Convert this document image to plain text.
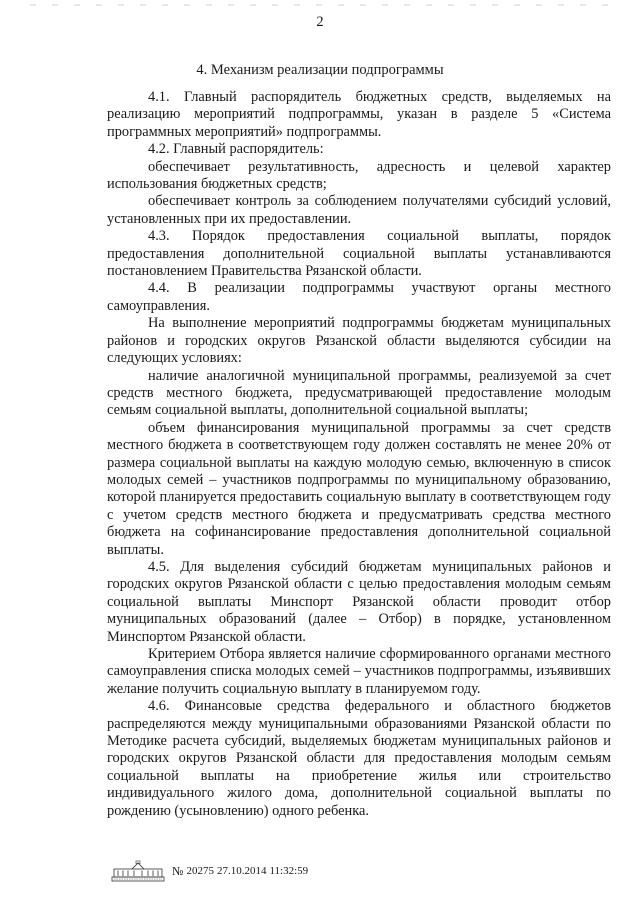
2
4. Механизм реализации подпрограммы

4.1. Главный распорядитель бюджетных средств, выделяемых на реализацию мероприятий подпрограммы, указан в разделе 5 «Система программных мероприятий» подпрограммы.

4.2. Главный распорядитель:

обеспечивает результативность, адресность и целевой характер использования бюджетных средств;

обеспечивает контроль за соблюдением получателями субсидий условий, установленных при их предоставлении.

4.3. Порядок предоставления социальной выплаты, порядок предоставления дополнительной социальной выплаты устанавливаются постановлением Правительства Рязанской области.

4.4. В реализации подпрограммы участвуют органы местного самоуправления.

На выполнение мероприятий подпрограммы бюджетам муниципальных районов и городских округов Рязанской области выделяются субсидии на следующих условиях:

наличие аналогичной муниципальной программы, реализуемой за счет средств местного бюджета, предусматривающей предоставление молодым семьям социальной выплаты, дополнительной социальной выплаты;

объем финансирования муниципальной программы за счет средств местного бюджета в соответствующем году должен составлять не менее 20% от размера социальной выплаты на каждую молодую семью, включенную в список молодых семей – участников подпрограммы по муниципальному образованию, которой планируется предоставить социальную выплату в соответствующем году с учетом средств местного бюджета и предусматривать средства местного бюджета на софинансирование предоставления дополнительной социальной выплаты.

4.5. Для выделения субсидий бюджетам муниципальных районов и городских округов Рязанской области с целью предоставления молодым семьям социальной выплаты Минспорт Рязанской области проводит отбор муниципальных образований (далее – Отбор) в порядке, установленном Минспортом Рязанской области.

Критерием Отбора является наличие сформированного органами местного самоуправления списка молодых семей – участников подпрограммы, изъявивших желание получить социальную выплату в планируемом году.

4.6. Финансовые средства федерального и областного бюджетов распределяются между муниципальными образованиями Рязанской области по Методике расчета субсидий, выделяемых бюджетам муниципальных районов и городских округов Рязанской области для предоставления молодым семьям социальной выплаты на приобретение жилья или строительство индивидуального жилого дома, дополнительной социальной выплаты по рождению (усыновлению) одного ребенка.

№ 20275 27.10.2014 11:32:59
